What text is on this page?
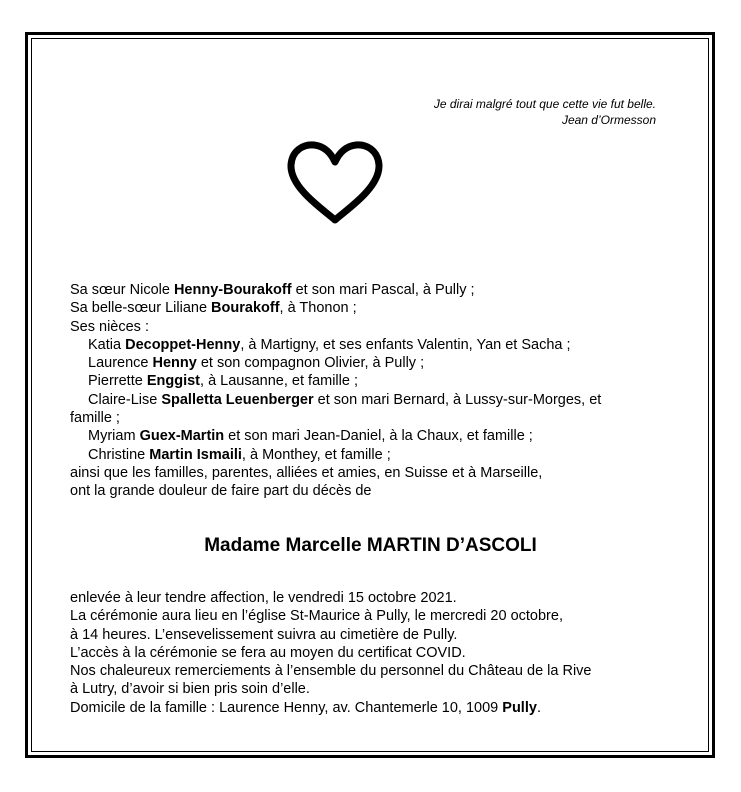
Je dirai malgré tout que cette vie fut belle.
Jean d’Ormesson
Sa sœur Nicole Henny-Bourakoff et son mari Pascal, à Pully ;
Sa belle-sœur Liliane Bourakoff, à Thonon ;
Ses nièces :
Katia Decoppet-Henny, à Martigny, et ses enfants Valentin, Yan et Sacha ;
Laurence Henny et son compagnon Olivier, à Pully ;
Pierrette Enggist, à Lausanne, et famille ;
Claire-Lise Spalletta Leuenberger et son mari Bernard, à Lussy-sur-Morges, et
famille ;
Myriam Guex-Martin et son mari Jean-Daniel, à la Chaux, et famille ;
Christine Martin Ismaili, à Monthey, et famille ;
ainsi que les familles, parentes, alliées et amies, en Suisse et à Marseille,
ont la grande douleur de faire part du décès de
Madame Marcelle MARTIN D’ASCOLI
enlevée à leur tendre affection, le vendredi 15 octobre 2021.
La cérémonie aura lieu en l’église St-Maurice à Pully, le mercredi 20 octobre,
à 14 heures. L’ensevelissement suivra au cimetière de Pully.
L’accès à la cérémonie se fera au moyen du certificat COVID.
Nos chaleureux remerciements à l’ensemble du personnel du Château de la Rive
à Lutry, d’avoir si bien pris soin d’elle.
Domicile de la famille : Laurence Henny, av. Chantemerle 10, 1009 Pully.
